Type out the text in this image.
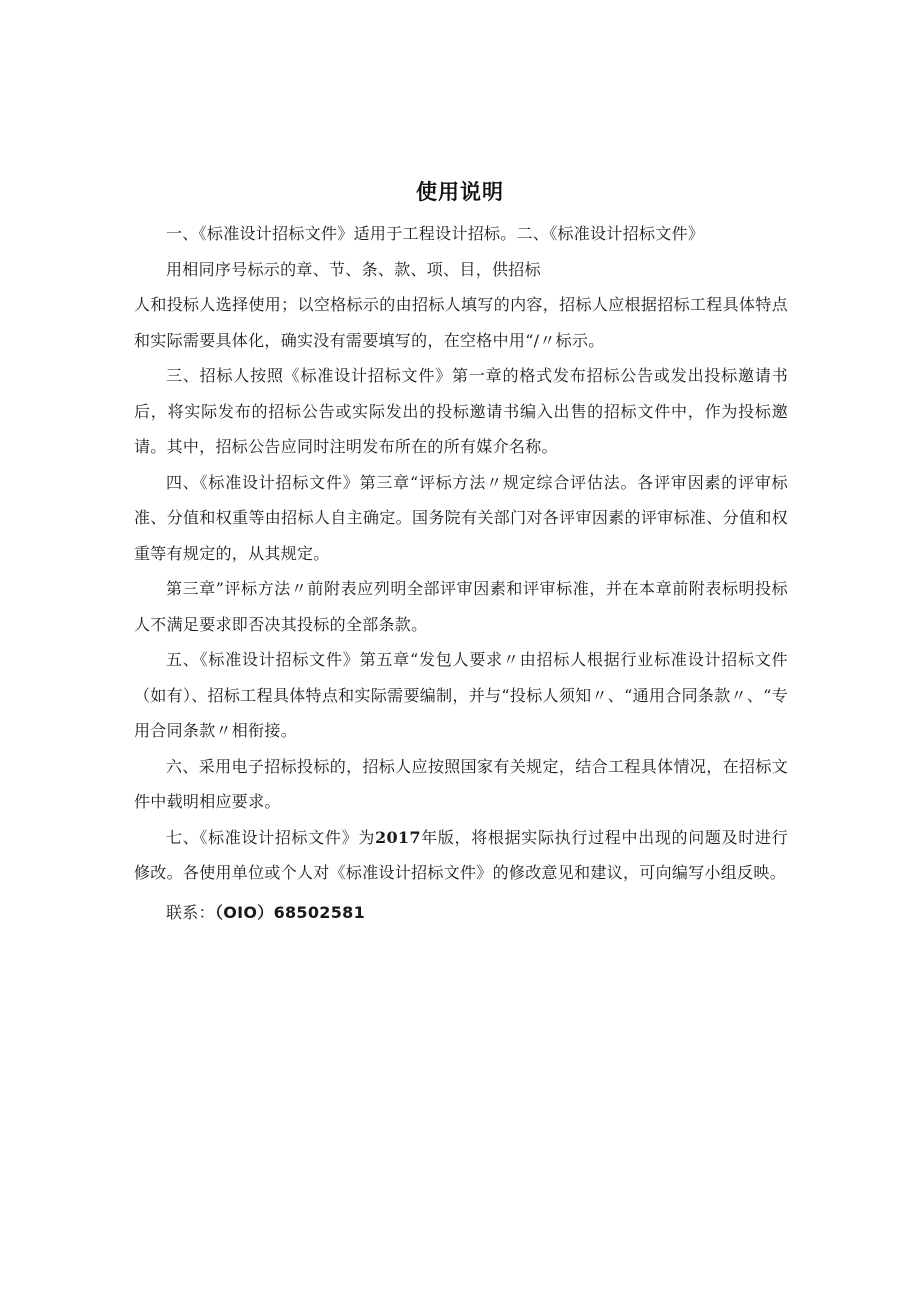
使用说明

一、《标准设计招标文件》适用于工程设计招标。二、《标准设计招标文件》

用相同序号标示的章、节、条、款、项、目，供招标

人和投标人选择使用；以空格标示的由招标人填写的内容，招标人应根据招标工程具体特点和实际需要具体化，确实没有需要填写的，在空格中用“/〃标示。

三、招标人按照《标准设计招标文件》第一章的格式发布招标公告或发出投标邀请书后，将实际发布的招标公告或实际发出的投标邀请书编入出售的招标文件中，作为投标邀请。其中，招标公告应同时注明发布所在的所有媒介名称。

四、《标准设计招标文件》第三章“评标方法〃规定综合评估法。各评审因素的评审标准、分值和权重等由招标人自主确定。国务院有关部门对各评审因素的评审标准、分值和权重等有规定的，从其规定。

第三章”评标方法〃前附表应列明全部评审因素和评审标准，并在本章前附表标明投标人不满足要求即否决其投标的全部条款。

五、《标准设计招标文件》第五章“发包人要求〃由招标人根据行业标准设计招标文件（如有）、招标工程具体特点和实际需要编制，并与“投标人须知〃、“通用合同条款〃、“专用合同条款〃相衔接。

六、采用电子招标投标的，招标人应按照国家有关规定，结合工程具体情况，在招标文件中载明相应要求。

七、《标准设计招标文件》为2017年版，将根据实际执行过程中出现的问题及时进行修改。各使用单位或个人对《标准设计招标文件》的修改意见和建议，可向编写小组反映。

联系：（OIO）68502581
